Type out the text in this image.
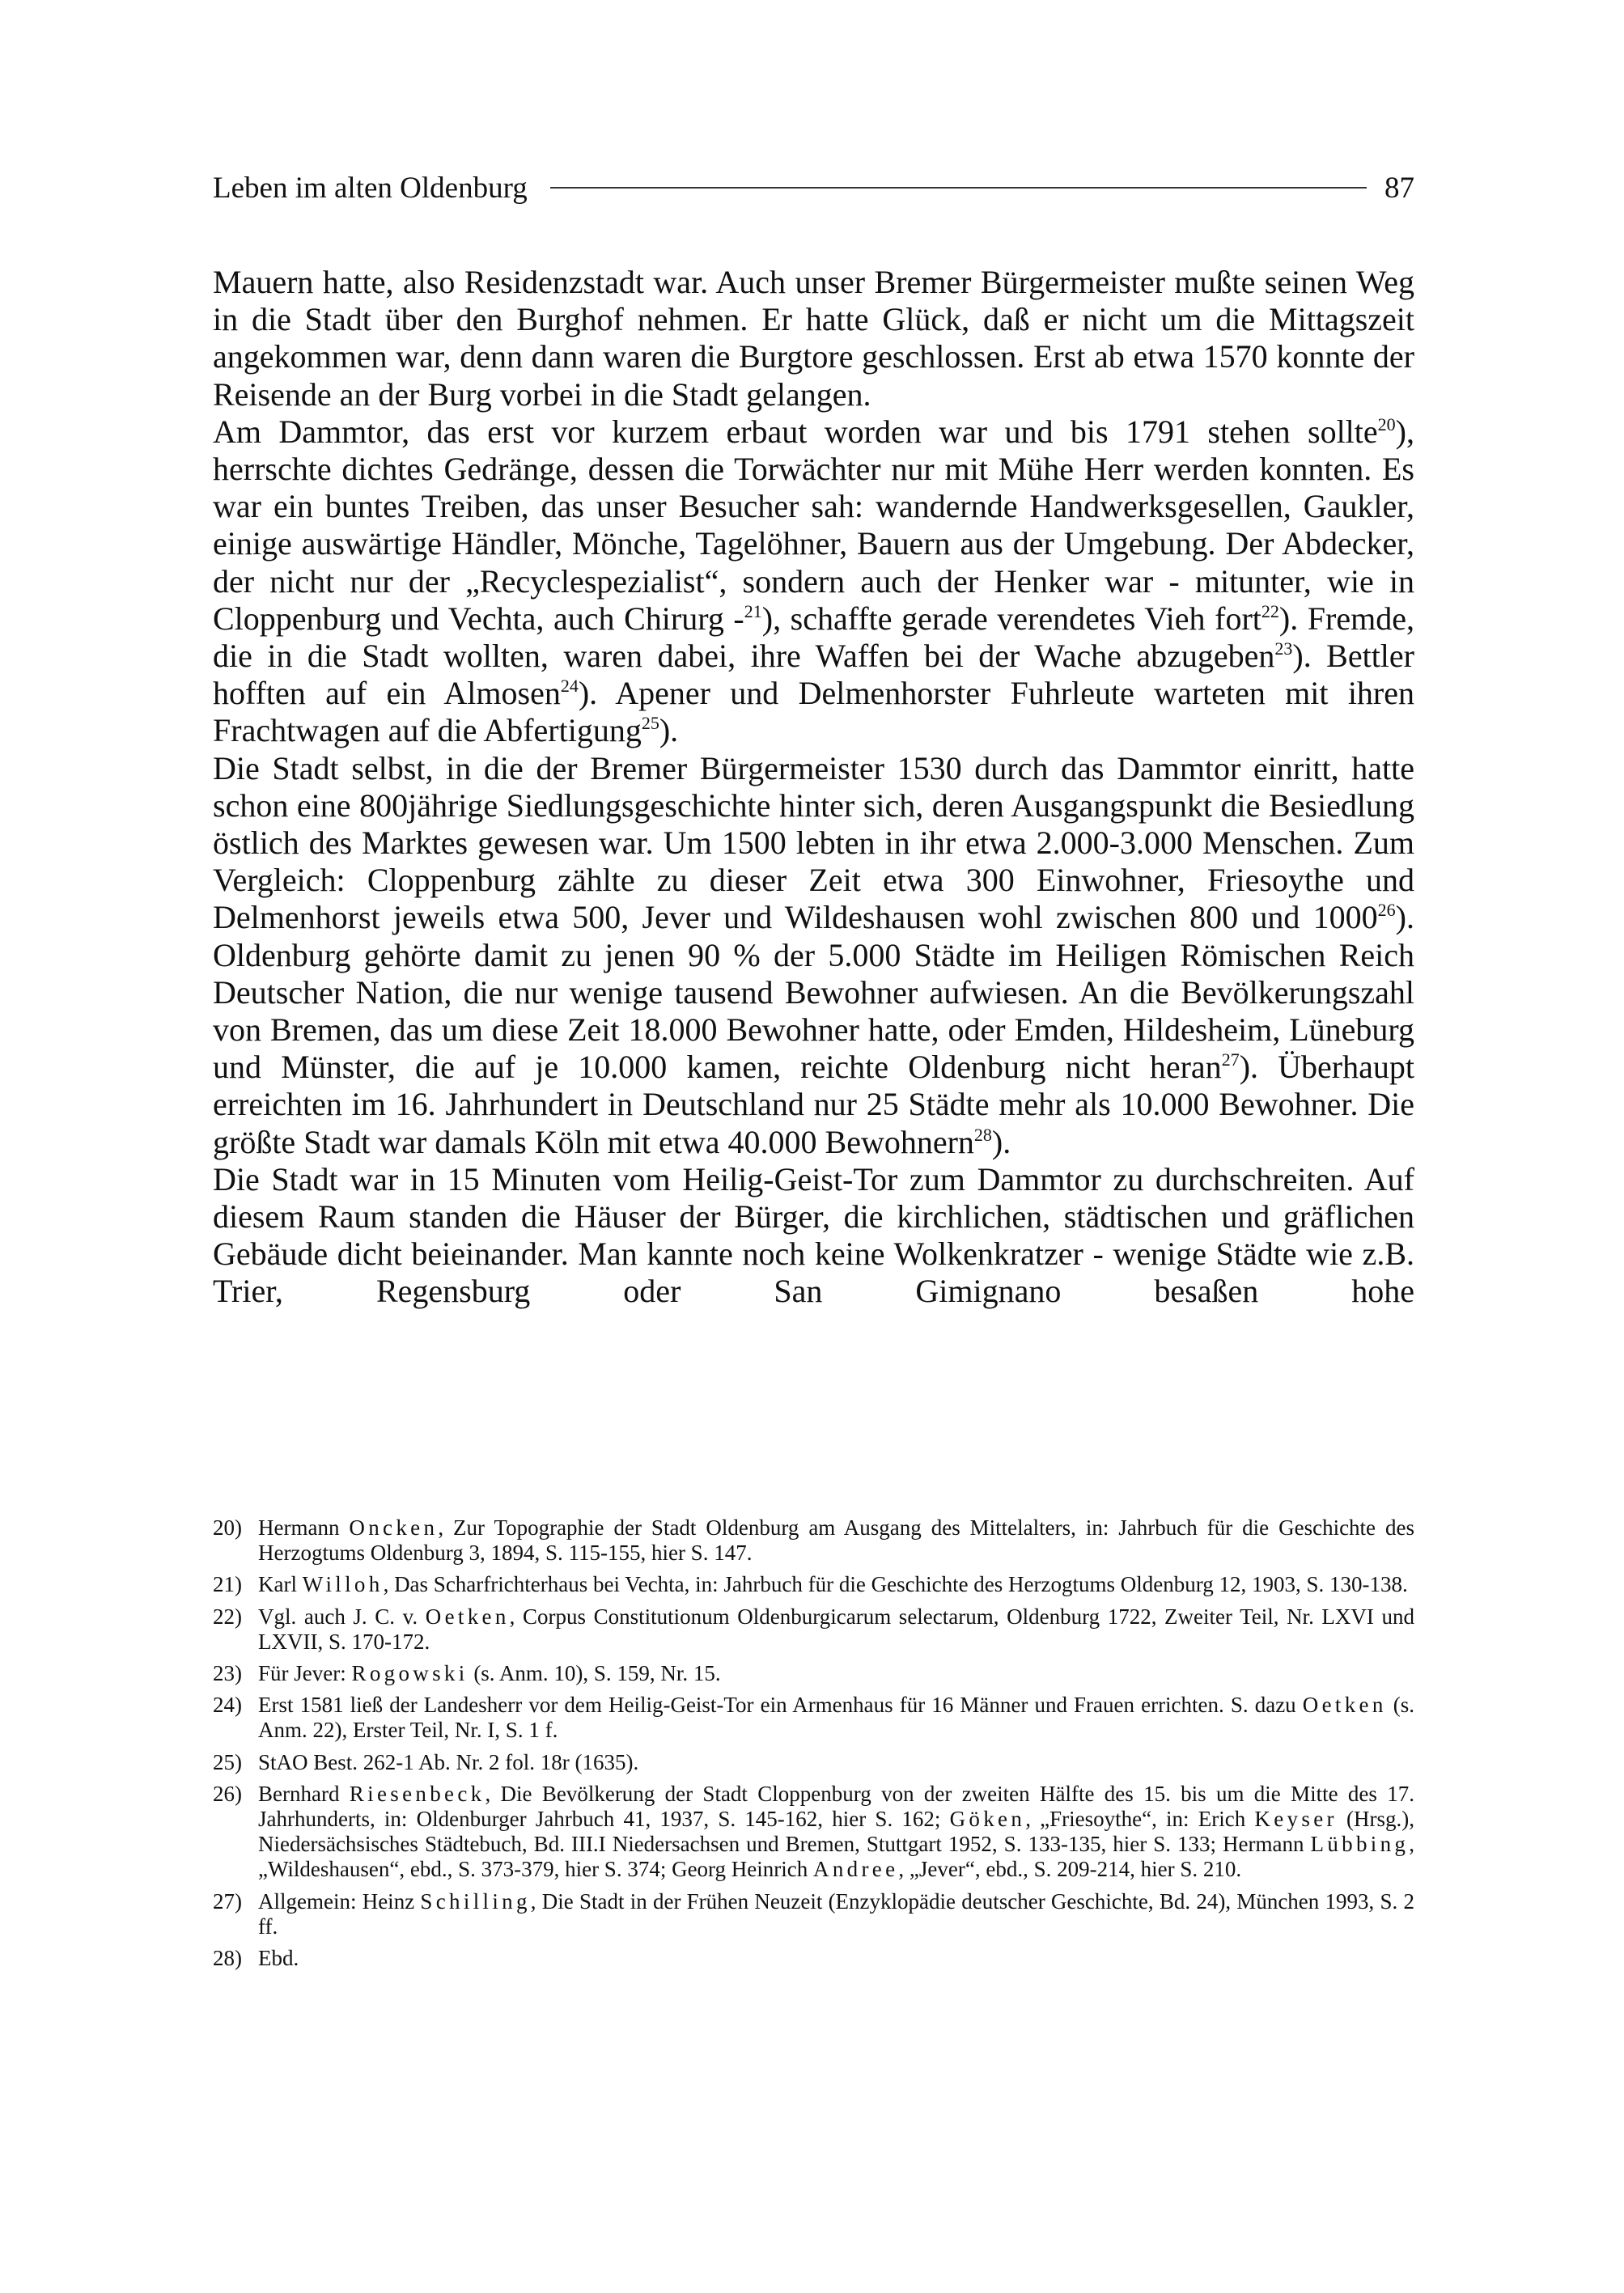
Leben im alten Oldenburg	87

Mauern hatte, also Residenzstadt war. Auch unser Bremer Bürgermeister mußte seinen Weg in die Stadt über den Burghof nehmen. Er hatte Glück, daß er nicht um die Mittagszeit angekommen war, denn dann waren die Burgtore geschlossen. Erst ab etwa 1570 konnte der Reisende an der Burg vorbei in die Stadt gelangen.

Am Dammtor, das erst vor kurzem erbaut worden war und bis 1791 stehen sollte$^{20}$), herrschte dichtes Gedränge, dessen die Torwächter nur mit Mühe Herr werden konnten. Es war ein buntes Treiben, das unser Besucher sah: wandernde Handwerksgesellen, Gaukler, einige auswärtige Händler, Mönche, Tagelöhner, Bauern aus der Umgebung. Der Abdecker, der nicht nur der „Recyclespezialist“, sondern auch der Henker war - mitunter, wie in Cloppenburg und Vechta, auch Chirurg -$^{21}$), schaffte gerade verendetes Vieh fort$^{22}$). Fremde, die in die Stadt wollten, waren dabei, ihre Waffen bei der Wache abzugeben$^{23}$). Bettler hofften auf ein Almosen$^{24}$). Apener und Delmenhorster Fuhrleute warteten mit ihren Frachtwagen auf die Abfertigung$^{25}$).

Die Stadt selbst, in die der Bremer Bürgermeister 1530 durch das Dammtor einritt, hatte schon eine 800jährige Siedlungsgeschichte hinter sich, deren Ausgangspunkt die Besiedlung östlich des Marktes gewesen war. Um 1500 lebten in ihr etwa 2.000-3.000 Menschen. Zum Vergleich: Cloppenburg zählte zu dieser Zeit etwa 300 Einwohner, Friesoythe und Delmenhorst jeweils etwa 500, Jever und Wildeshausen wohl zwischen 800 und 1000$^{26}$). Oldenburg gehörte damit zu jenen 90 % der 5.000 Städte im Heiligen Römischen Reich Deutscher Nation, die nur wenige tausend Bewohner aufwiesen. An die Bevölkerungszahl von Bremen, das um diese Zeit 18.000 Bewohner hatte, oder Emden, Hildesheim, Lüneburg und Münster, die auf je 10.000 kamen, reichte Oldenburg nicht heran$^{27}$). Überhaupt erreichten im 16. Jahrhundert in Deutschland nur 25 Städte mehr als 10.000 Bewohner. Die größte Stadt war damals Köln mit etwa 40.000 Bewohnern$^{28}$).

Die Stadt war in 15 Minuten vom Heilig-Geist-Tor zum Dammtor zu durchschreiten. Auf diesem Raum standen die Häuser der Bürger, die kirchlichen, städtischen und gräflichen Gebäude dicht beieinander. Man kannte noch keine Wolkenkratzer - wenige Städte wie z.B. Trier, Regensburg oder San Gimignano besaßen hohe

20) Hermann Oncken, Zur Topographie der Stadt Oldenburg am Ausgang des Mittelalters, in: Jahrbuch für die Geschichte des Herzogtums Oldenburg 3, 1894, S. 115-155, hier S. 147.
21) Karl Willoh, Das Scharfrichterhaus bei Vechta, in: Jahrbuch für die Geschichte des Herzogtums Oldenburg 12, 1903, S. 130-138.
22) Vgl. auch J. C. v. Oetken, Corpus Constitutionum Oldenburgicarum selectarum, Oldenburg 1722, Zweiter Teil, Nr. LXVI und LXVII, S. 170-172.
23) Für Jever: Rogowski (s. Anm. 10), S. 159, Nr. 15.
24) Erst 1581 ließ der Landesherr vor dem Heilig-Geist-Tor ein Armenhaus für 16 Männer und Frauen errichten. S. dazu Oetken (s. Anm. 22), Erster Teil, Nr. I, S. 1 f.
25) StAO Best. 262-1 Ab. Nr. 2 fol. 18r (1635).
26) Bernhard Riesenbeck, Die Bevölkerung der Stadt Cloppenburg von der zweiten Hälfte des 15. bis um die Mitte des 17. Jahrhunderts, in: Oldenburger Jahrbuch 41, 1937, S. 145-162, hier S. 162; Göken, „Friesoythe“, in: Erich Keyser (Hrsg.), Niedersächsisches Städtebuch, Bd. III.I Niedersachsen und Bremen, Stuttgart 1952, S. 133-135, hier S. 133; Hermann Lübbing, „Wildeshausen“, ebd., S. 373-379, hier S. 374; Georg Heinrich Andree, „Jever“, ebd., S. 209-214, hier S. 210.
27) Allgemein: Heinz Schilling, Die Stadt in der Frühen Neuzeit (Enzyklopädie deutscher Geschichte, Bd. 24), München 1993, S. 2 ff.
28) Ebd.
